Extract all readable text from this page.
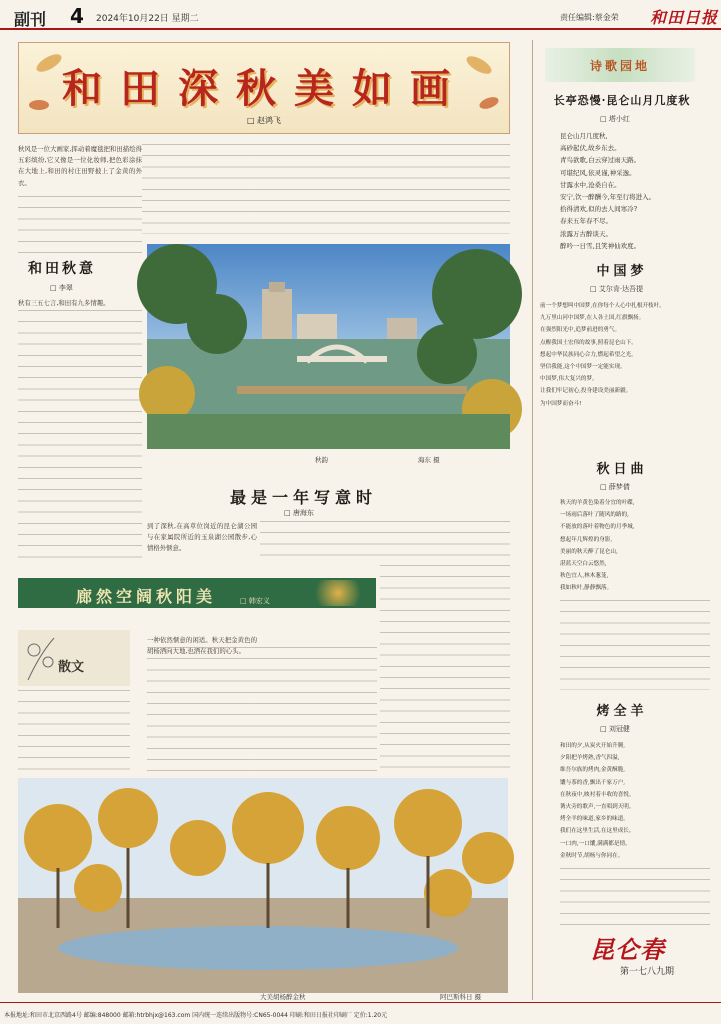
副刊 4 2024年10月22日 星期二	责任编辑:蔡金荣 和田日报
和田深秋美如画
□ 赵鸿飞
秋风是一位大画家,挥动着魔毯把和田描绘得五彩缤纷,它又像是一位化妆师,把色彩涂抹在大地上,和田的村庄田野披上了金黄的外衣。
和田秋意
□ 李翠
秋有三五七言,和田有九多情趣。
秋韵	海东 摄
最是一年写意时
□ 唐海东
到了深秋,在高草位岗近的昆仑湖公园与在家属院所近的玉泉湖公园散步,心情格外惬意。
廊然空阔秋阳美	□ 韩宏义
散文
一种依然惬意的闲适。秋天把金黄色的胡杨洒向大地,也洒在我们的心头。
大美胡杨醉金秋	阿巴斯科日 摄
诗歌园地
长亭恐慢·昆仑山月几度秋
□ 塔小红
昆仑山月几度秋,
高砂起伏,故乡东去。
青鸟欲歌,白云穿过雨天路。
可堪纪风,依灵谨,神采逸。
甘露水中,沧桑自在。
安宁,饮一醉酬今,年至行将进入。
拾得清欢,似的去人间寒冷?
春来五年春不尽。
浓露万古醉谈天。
醉吟一日雪,且笑神仙欢度。
中国梦
□ 艾尔肯·达吾提
前一个梦想叫中国梦,在你每个人心中扎根开枝叶。
九万里山河中国梦,在人各土国,红旗飘扬。
在强烈阳光中,追梦前进的勇气。
点醒我国土宏伟的故事,照着昆仑山下。
想起中华民族同心合力,燃起希望之光。
坚信我能,这个中国梦一定能实现。
中国梦,伟大复兴的梦。
让我们牢记初心,投身建设美丽新疆。
为中国梦而奋斗!
秋日曲
□ 薛梦倩
秋天的羊黄色染着分宜的叶碟,
一场雨后落叶了随风的路的,
不能放的落叶着物色的月季城,
想起年几辉煌的身影,
美丽的秋天醉了昆仑山,
湛蓝天空白云悠然,
秋色宜人,林木葱茏,
我如秋叶,静静飘落。
烤全羊
□ 刘冠健
和田的夕,从炭火开始升腾,
夕阳把羊烤熟,香气四溢,
维吾尔族的烤肉,金黄酥脆,
馕与茶的香,飘出千家万户,
在秋夜中,映衬着丰收的喜悦。
篝火旁的歌声,一直唱到天明。
烤全羊的味道,家乡的味道。
我们在这里生活,在这里成长。
一口肉,一口馕,满满都是情。
金秋时节,胡杨与你同在。
昆仑春
第一七八九期
本报地址:和田市北京西路4号 邮编:848000 邮箱:htrbhjx@163.com 国内统一连续出版物号:CN65-0044 印刷:和田日报社印刷厂 定价:1.20元
